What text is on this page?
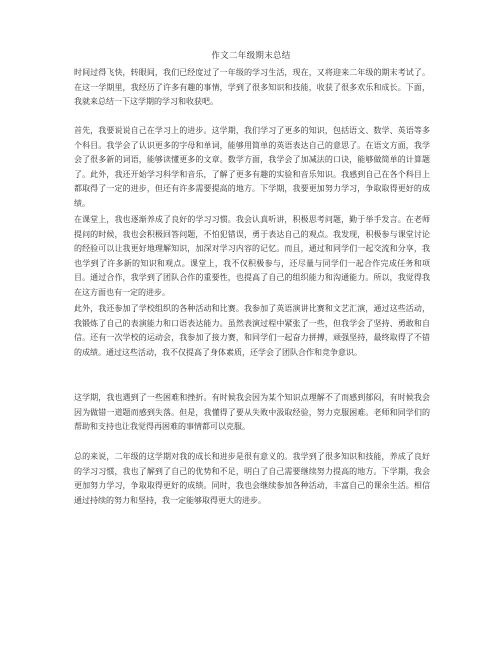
作文二年级期末总结

时间过得飞快，转眼间，我们已经度过了一年级的学习生活，现在，又将迎来二年级的期末考试了。在这一学期里，我经历了许多有趣的事情，学到了很多知识和技能，收获了很多欢乐和成长。下面，我就来总结一下这学期的学习和收获吧。

首先，我要说说自己在学习上的进步。这学期，我们学习了更多的知识，包括语文、数学、英语等多个科目。我学会了认识更多的字母和单词，能够用简单的英语表达自己的意思了。在语文方面，我学会了很多新的词语，能够读懂更多的文章。数学方面，我学会了加减法的口诀，能够做简单的计算题了。此外，我还开始学习科学和音乐，了解了更多有趣的实验和音乐知识。我感到自己在各个科目上都取得了一定的进步，但还有许多需要提高的地方。下学期，我要更加努力学习，争取取得更好的成绩。

在课堂上，我也逐渐养成了良好的学习习惯。我会认真听讲，积极思考问题，勤于举手发言。在老师提问的时候，我也会积极回答问题，不怕犯错误，勇于表达自己的观点。我发现，积极参与课堂讨论的经验可以让我更好地理解知识，加深对学习内容的记忆。而且，通过和同学们一起交流和分享，我也学到了许多新的知识和观点。课堂上，我不仅积极参与，还尽量与同学们一起合作完成任务和项目。通过合作，我学到了团队合作的重要性，也提高了自己的组织能力和沟通能力。所以，我觉得我在这方面也有一定的进步。

此外，我还参加了学校组织的各种活动和比赛。我参加了英语演讲比赛和文艺汇演，通过这些活动，我锻炼了自己的表演能力和口语表达能力。虽然表演过程中紧张了一些，但我学会了坚持、勇敢和自信。还有一次学校的运动会，我参加了接力赛，和同学们一起奋力拼搏，顽强坚持，最终取得了不错的成绩。通过这些活动，我不仅提高了身体素质，还学会了团队合作和竞争意识。

这学期，我也遇到了一些困难和挫折。有时候我会因为某个知识点理解不了而感到郁闷，有时候我会因为做错一道题而感到失落。但是，我懂得了要从失败中汲取经验，努力克服困难。老师和同学们的帮助和支持也让我觉得再困难的事情都可以克服。

总的来说，二年级的这学期对我的成长和进步是很有意义的。我学到了很多知识和技能，养成了良好的学习习惯，我也了解到了自己的优势和不足，明白了自己需要继续努力提高的地方。下学期，我会更加努力学习，争取取得更好的成绩。同时，我也会继续参加各种活动，丰富自己的课余生活。相信通过持续的努力和坚持，我一定能够取得更大的进步。
